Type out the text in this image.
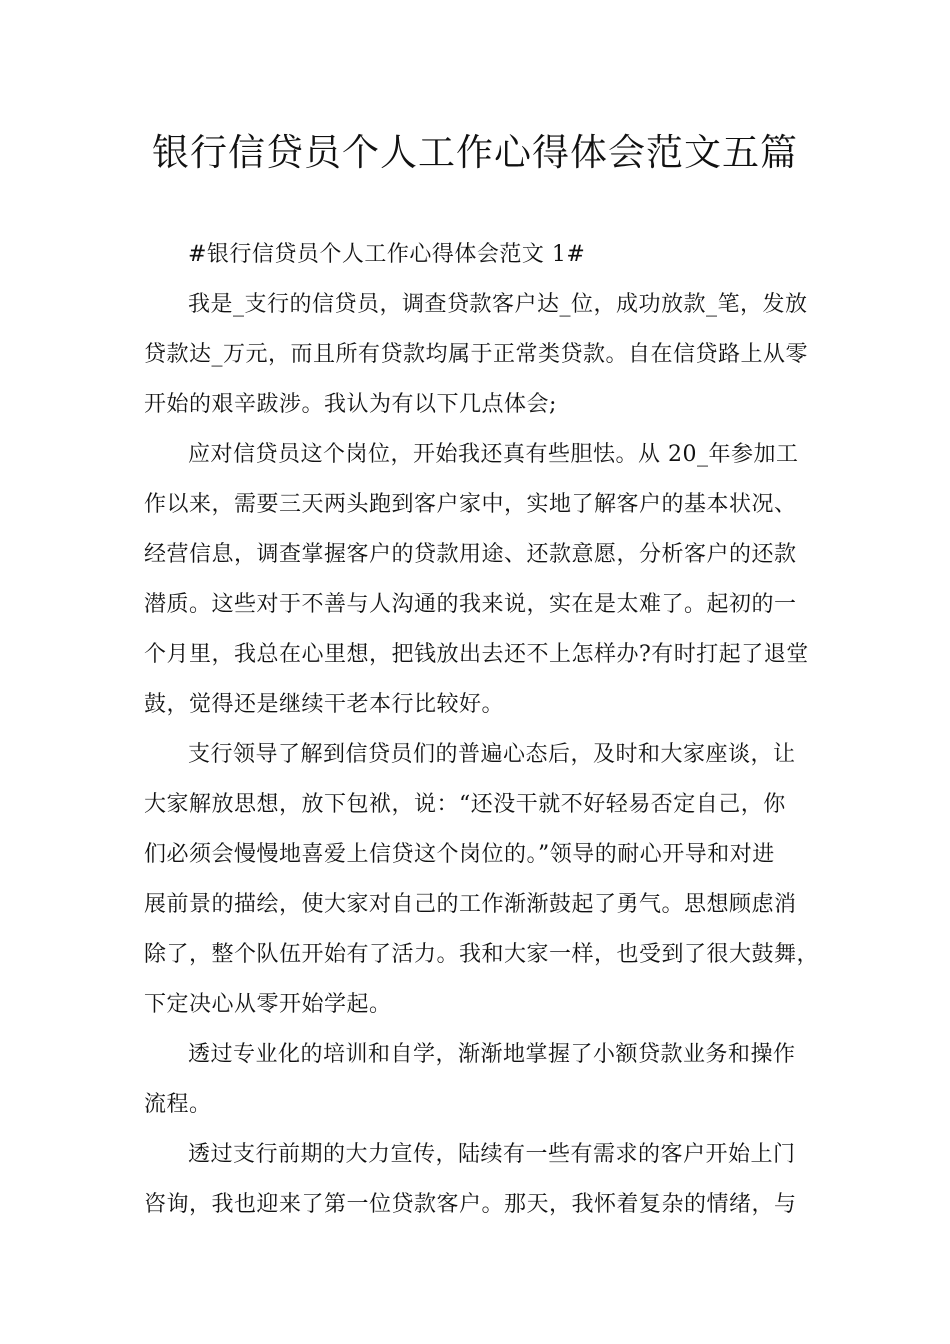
银行信贷员个人工作心得体会范文五篇

#银行信贷员个人工作心得体会范文 1#

我是_支行的信贷员，调查贷款客户达_位，成功放款_笔，发放
贷款达_万元，而且所有贷款均属于正常类贷款。自在信贷路上从零
开始的艰辛跋涉。我认为有以下几点体会;

应对信贷员这个岗位，开始我还真有些胆怯。从 20_年参加工
作以来，需要三天两头跑到客户家中，实地了解客户的基本状况、
经营信息，调查掌握客户的贷款用途、还款意愿，分析客户的还款
潜质。这些对于不善与人沟通的我来说，实在是太难了。起初的一
个月里，我总在心里想，把钱放出去还不上怎样办?有时打起了退堂
鼓，觉得还是继续干老本行比较好。

支行领导了解到信贷员们的普遍心态后，及时和大家座谈，让
大家解放思想，放下包袱，说：“还没干就不好轻易否定自己，你
们必须会慢慢地喜爱上信贷这个岗位的。”领导的耐心开导和对进
展前景的描绘，使大家对自己的工作渐渐鼓起了勇气。思想顾虑消
除了，整个队伍开始有了活力。我和大家一样，也受到了很大鼓舞，
下定决心从零开始学起。

透过专业化的培训和自学，渐渐地掌握了小额贷款业务和操作
流程。

透过支行前期的大力宣传，陆续有一些有需求的客户开始上门
咨询，我也迎来了第一位贷款客户。那天，我怀着复杂的情绪，与
